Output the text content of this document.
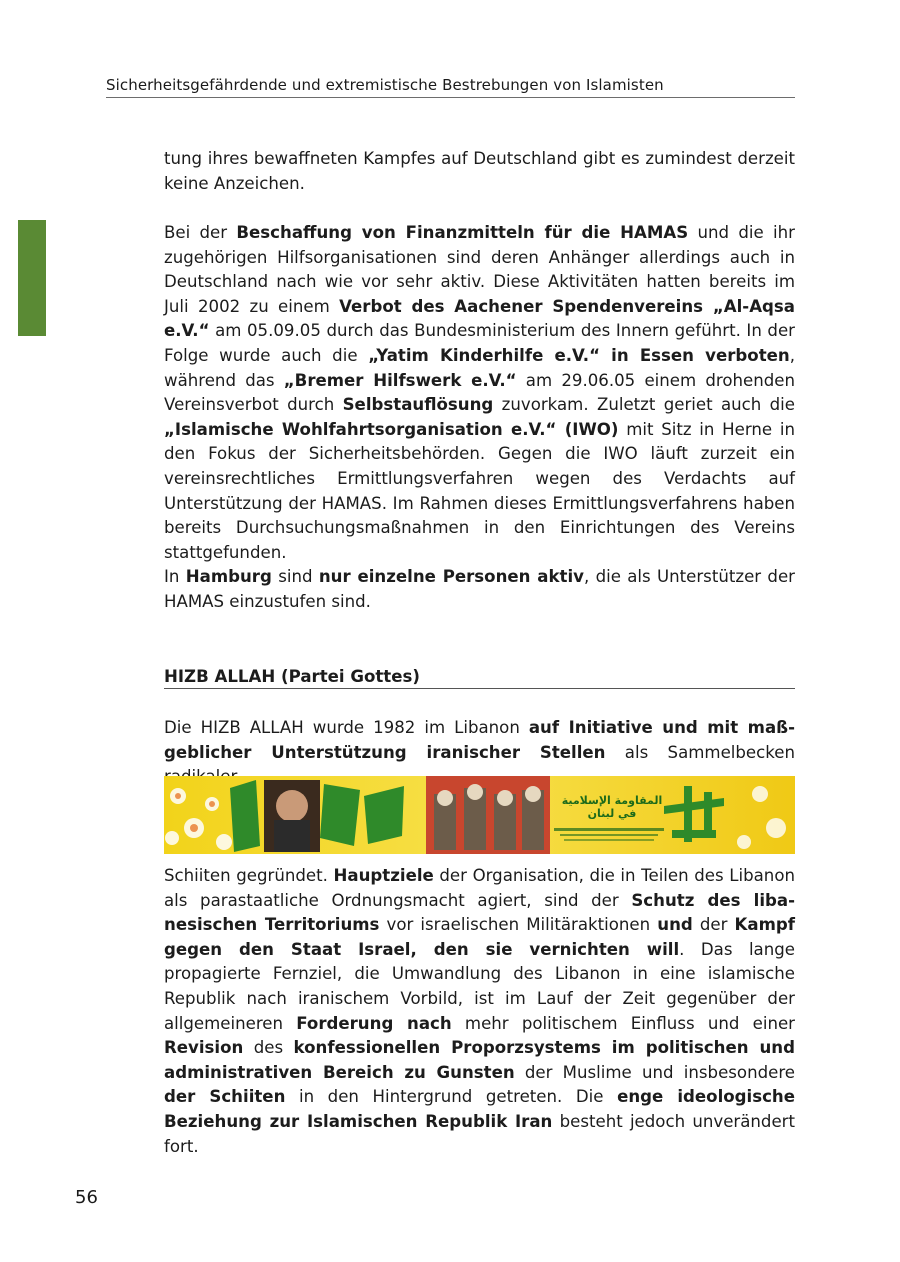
Sicherheitsgefährdende und extremistische Bestrebungen von Islamisten

tung ihres bewaffneten Kampfes auf Deutschland gibt es zumindest derzeit keine Anzeichen.

Bei der Beschaffung von Finanzmitteln für die HAMAS und die ihr zugehörigen Hilfsorganisationen sind deren Anhänger allerdings auch in Deutschland nach wie vor sehr aktiv. Diese Aktivitäten hatten bereits im Juli 2002 zu einem Verbot des Aachener Spendenvereins „Al-Aqsa e.V.“ am 05.09.05 durch das Bundesministerium des Innern geführt. In der Folge wurde auch die „Yatim Kinderhilfe e.V.“ in Essen verboten, während das „Bremer Hilfswerk e.V.“ am 29.06.05 einem drohenden Vereinsverbot durch Selbstauflösung zuvorkam. Zuletzt geriet auch die „Islamische Wohlfahrtsorganisation e.V.“ (IWO) mit Sitz in Herne in den Fokus der Sicherheitsbehörden. Gegen die IWO läuft zurzeit ein vereinsrechtliches Ermittlungsverfahren wegen des Verdachts auf Unterstützung der HAMAS. Im Rahmen dieses Ermittlungsverfahrens haben bereits Durchsuchungsmaßnahmen in den Einrichtungen des Vereins stattgefunden.

In Hamburg sind nur einzelne Personen aktiv, die als Unterstützer der HAMAS einzustufen sind.

HIZB ALLAH (Partei Gottes)

Die HIZB ALLAH wurde 1982 im Libanon auf Initiative und mit maßgeblicher Unterstützung iranischer Stellen als Sammelbecken

المقاومة الإسلامية
في لبنان

Schiiten gegründet. Hauptziele der Organisation, die in Teilen des Libanon als parastaatliche Ordnungsmacht agiert, sind der Schutz des libanesischen Territoriums vor israelischen Militäraktionen und der Kampf gegen den Staat Israel, den sie vernichten will. Das lange propagierte Fernziel, die Umwandlung des Libanon in eine islamische Republik nach iranischem Vorbild, ist im Lauf der Zeit gegenüber der allgemeineren Forderung nach mehr politischem Einfluss und einer Revision des konfessionellen Proporzsystems im politischen und administrativen Bereich zu Gunsten der Muslime und insbesondere der Schiiten in den Hintergrund getreten. Die enge ideologische Beziehung zur Islamischen Republik Iran besteht jedoch unverändert fort.

56
